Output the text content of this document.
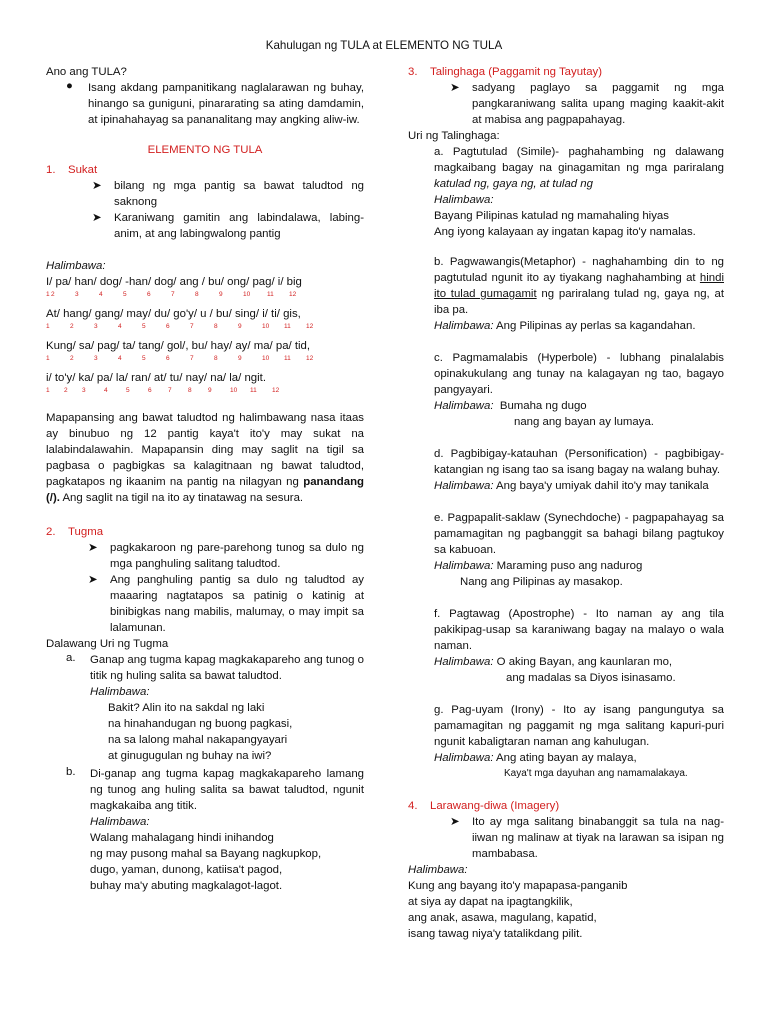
Kahulugan ng TULA at ELEMENTO NG TULA

Ano ang TULA?

●	Isang akdang pampanitikang naglalarawan ng buhay, hinango sa guniguni, pinararating sa ating damdamin, at ipinahahayag sa pananalitang may angking aliw-iw.

ELEMENTO NG TULA

1. Sukat

➤	bilang ng mga pantig sa bawat taludtod ng saknong
➤	Karaniwang gamitin ang labindalawa, labing-anim, at ang labingwalong pantig

Halimbawa:

I/ pa/ han/ dog/ -han/ dog/ ang / bu/ ong/ pag/ i/ big
12	3	4	5	6	7	8	9	10	11 12
At/ hang/ gang/ may/ du/ go'y/ u / bu/ sing/ i/ ti/ gis,
1	2	3	4	5	6	7	8	9	10 11 12
Kung/ sa/ pag/ ta/ tang/ gol/, bu/ hay/ ay/ ma/ pa/ tid,
1	2	3	4	5	6	7	8	9	10 11 12
i/ to'y/ ka/ pa/ la/ ran/ at/ tu/ nay/ na/ la/ ngit.
1 2 3	4	5	6	7	8	9	10 11 12

Mapapansing ang bawat taludtod ng halimbawang nasa itaas ay binubuo ng 12 pantig kaya't ito'y may sukat na lalabindalawahin. Mapapansin ding may saglit na tigil sa pagbasa o pagbigkas sa kalagitnaan ng bawat taludtod, pagkatapos ng ikaanim na pantig na nilagyan ng panandang (/). Ang saglit na tigil na ito ay tinatawag na sesura.

2. Tugma

➤	pagkakaroon ng pare-parehong tunog sa dulo ng mga panghuling salitang taludtod.
➤	Ang panghuling pantig sa dulo ng taludtod ay maaaring nagtatapos sa patinig o katinig at binibigkas nang mabilis, malumay, o may impit sa lalamunan.

Dalawang Uri ng Tugma

a.	Ganap ang tugma kapag magkakapareho ang tunog o titik ng huling salita sa bawat taludtod.

Halimbawa:

Bakit? Alin ito na sakdal ng laki
na hinahandugan ng buong pagkasi,
na sa lalong mahal nakapangyayari
at ginugugulan ng buhay na iwi?
b.	Di-ganap ang tugma kapag magkakapareho lamang ng tunog ang huling salita sa bawat taludtod, ngunit magkakaiba ang titik.

Halimbawa:

Walang mahalagang hindi inihandog
ng may pusong mahal sa Bayang nagkupkop,
dugo, yaman, dunong, katiisa't pagod,
buhay ma'y abuting magkalagot-lagot.

3. Talinghaga (Paggamit ng Tayutay)

➤	sadyang paglayo sa paggamit ng mga pangkaraniwang salita upang maging kaakit-akit at mabisa ang pagpapahayag.

Uri ng Talinghaga:

a. Pagtutulad (Simile)- paghahambing ng dalawang magkaibang bagay na ginagamitan ng mga pariralang katulad ng, gaya ng, at tulad ng

Halimbawa:

Bayang Pilipinas katulad ng mamahaling hiyas
Ang iyong kalayaan ay ingatan kapag ito'y namalas.

b. Pagwawangis(Metaphor) - naghahambing din to ng pagtutulad ngunit ito ay tiyakang naghahambing at hindi ito tulad gumagamit ng pariralang tulad ng, gaya ng, at iba pa.

Halimbawa: Ang Pilipinas ay perlas sa kagandahan.

c. Pagmamalabis (Hyperbole) - lubhang pinalalabis opinakukulang ang tunay na kalagayan ng tao, bagayo pangyayari.

Halimbawa:  Bumaha ng dugo

nang ang bayan ay lumaya.

d. Pagbibigay-katauhan (Personification) - pagbibigay-katangian ng isang tao sa isang bagay na walang buhay.

Halimbawa: Ang baya'y umiyak dahil ito'y may tanikala

e. Pagpapalit-saklaw (Synechdoche) - pagpapahayag sa pamamagitan ng pagbanggit sa bahagi bilang pagtukoy sa kabuoan.

Halimbawa: Maraming puso ang nadurog

Nang ang Pilipinas ay masakop.

f. Pagtawag (Apostrophe) - Ito naman ay ang tila pakikipag-usap sa karaniwang bagay na malayo o wala naman.

Halimbawa: O aking Bayan, ang kaunlaran mo,

ang madalas sa Diyos isinasamo.

g. Pag-uyam (Irony) - Ito ay isang pangungutya sa pamamagitan ng paggamit ng mga salitang kapuri-puri ngunit kabaligtaran naman ang kahulugan.

Halimbawa: Ang ating bayan ay malaya,

Kaya't mga dayuhan ang namamalakaya.

4. Larawang-diwa (Imagery)

➤	Ito ay mga salitang binabanggit sa tula na nag-iiwan ng malinaw at tiyak na larawan sa isipan ng mambabasa.

Halimbawa:

Kung ang bayang ito'y mapapasa-panganib
at siya ay dapat na ipagtangkilik,
ang anak, asawa, magulang, kapatid,
isang tawag niya'y tatalikdang pilit.
